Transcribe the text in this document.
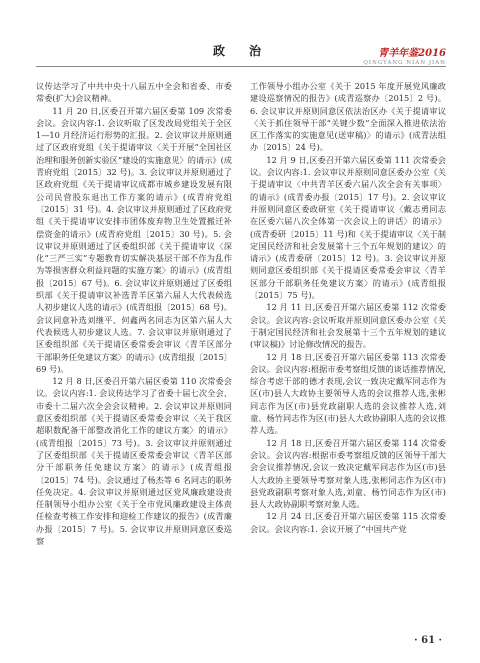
政　治	青羊年鉴2016
QINGYANG NIAN JIAN

议传达学习了中共中央十八届五中全会和省委、市委常委(扩大)会议精神。

11 月 20 日,区委召开第六届区委第 109 次常委会议。会议内容:1. 会议听取了区发改局党组关于全区 1—10 月经济运行形势的汇报。2. 会议审议并原则通过了区政府党组《关于提请审议〈关于开展“全国社区治理和服务创新实验区”建设的实施意见〉的请示》(成青府党组〔2015〕32 号)。3. 会议审议并原则通过了区政府党组《关于提请审议成都市城乡建设发展有限公司民营股东退出工作方案的请示》(成青府党组〔2015〕31 号)。4. 会议审议并原则通过了区政府党组《关于提请审议安排市团体废弃物卫生处置搬迁补偿资金的请示》(成青府党组〔2015〕30 号)。5. 会议审议并原则通过了区委组织部《关于提请审议〈深化“三严三实”专题教育切实解决基层干部不作为乱作为等损害群众利益问题的实施方案〉的请示》(成青组报〔2015〕67 号)。6. 会议审议并原则通过了区委组织部《关于提请审议补选青羊区第六届人大代表候选人初步建议人选的请示》(成青组报〔2015〕68 号)。会议同意补选刘继平、何鑫两名同志为区第六届人大代表候选人初步建议人选。7. 会议审议并原则通过了区委组织部《关于提请区委常委会审议〈青羊区部分干部职务任免建议方案〉的请示》(成青组报〔2015〕69 号)。

12 月 8 日,区委召开第六届区委第 110 次常委会议。会议内容:1. 会议传达学习了省委十届七次全会、市委十二届六次全会会议精神。2. 会议审议并原则同意区委组织部《关于提请区委常委会审议〈关于我区超职数配备干部整改消化工作的建议方案〉的请示》(成青组报〔2015〕73 号)。3. 会议审议并原则通过了区委组织部《关于提请区委常委会审议〈青羊区部分干部职务任免建议方案〉的请示》(成青组报〔2015〕74 号)。会议通过了杨杰等 6 名同志的职务任免决定。4. 会议审议并原则通过区党风廉政建设责任制领导小组办公室《关于全市党风廉政建设主体责任检查考核工作安排和迎检工作建议的报告》(成青廉办报〔2015〕7 号)。5. 会议审议并原则同意区委巡察

工作领导小组办公室《关于 2015 年度开展党风廉政建设巡察情况的报告》(成青巡察办〔2015〕2 号)。6. 会议审议并原则同意区依法治区办《关于提请审议〈关于抓住领导干部“关键少数”全面深入推进依法治区工作落实的实施意见(送审稿)〉的请示》(成青法组办〔2015〕24 号)。

12 月 9 日,区委召开第六届区委第 111 次常委会议。会议内容:1. 会议审议并原则同意区委办公室《关于提请审议〈中共青羊区委六届八次全会有关事项〉的请示》(成青委办报〔2015〕17 号)。2. 会议审议并原则同意区委政研室《关于提请审议〈戴志勇同志在区委六届八次全体第一次会议上的讲话〉的请示》(成青委研〔2015〕11 号)和《关于提请审议〈关于制定国民经济和社会发展第十三个五年规划的建议〉的请示》(成青委研〔2015〕12 号)。3. 会议审议并原则同意区委组织部《关于提请区委常委会审议〈青羊区部分干部职务任免建议方案〉的请示》(成青组报〔2015〕75 号)。

12 月 11 日,区委召开第六届区委第 112 次常委会议。会议内容:会议听取并原则同意区委办公室《关于制定国民经济和社会发展第十三个五年规划的建议(审议稿)》讨论修改情况的报告。

12 月 18 日,区委召开第六届区委第 113 次常委会议。会议内容:根据市委考察组反馈的谈话推荐情况,综合考虑干部的德才表现,会议一致决定戴军同志作为区(市)县人大政协主要领导人选的会议推荐人选,张彬同志作为区(市)县党政副职人选的会议推荐人选,刘童、杨竹同志作为区(市)县人大政协副职人选的会议推荐人选。

12 月 18 日,区委召开第六届区委第 114 次常委会议。会议内容:根据市委考察组反馈的区领导干部大会会议推荐情况,会议一致决定戴军同志作为区(市)县人大政协主要领导考察对象人选,张彬同志作为区(市)县党政副职考察对象人选,刘童、杨竹同志作为区(市)县人大政协副职考察对象人选。

12 月 24 日,区委召开第六届区委第 115 次常委会议。会议内容:1. 会议开展了“中国共产党

· 61 ·
